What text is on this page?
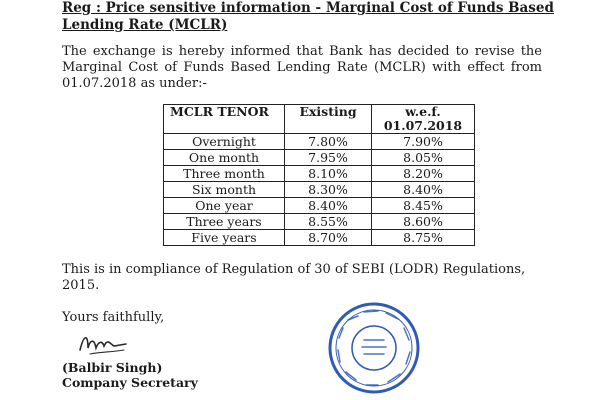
Reg : Price sensitive information - Marginal Cost of Funds Based Lending Rate (MCLR)
The exchange is hereby informed that Bank has decided to revise the Marginal Cost of Funds Based Lending Rate (MCLR) with effect from 01.07.2018 as under:-
MCLR TENOR	Existing	w.e.f.
01.07.2018
Overnight	7.80%	7.90%
One month	7.95%	8.05%
Three month	8.10%	8.20%
Six month	8.30%	8.40%
One year	8.40%	8.45%
Three years	8.55%	8.60%
Five years	8.70%	8.75%
This is in compliance of Regulation of 30 of SEBI (LODR) Regulations, 2015.
Yours faithfully,
(Balbir Singh)
Company Secretary
